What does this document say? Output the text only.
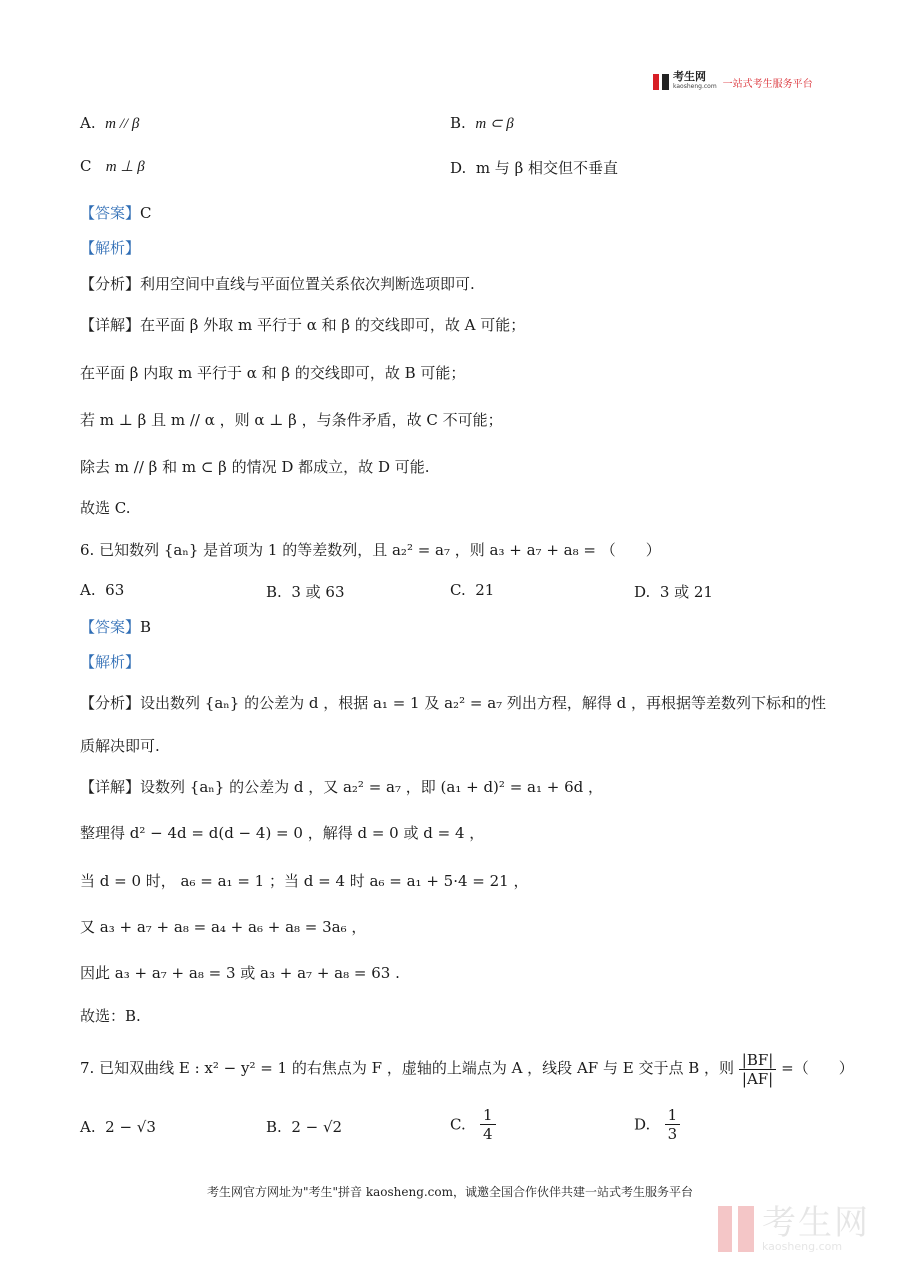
考生网
kaosheng.com 一站式考生服务平台
A. m // β	B. m ⊂ β
C m ⊥ β	D. m 与 β 相交但不垂直
【答案】C
【解析】
【分析】利用空间中直线与平面位置关系依次判断选项即可.
【详解】在平面 β 外取 m 平行于 α 和 β 的交线即可，故 A 可能；
在平面 β 内取 m 平行于 α 和 β 的交线即可，故 B 可能；
若 m ⊥ β 且 m // α ，则 α ⊥ β ，与条件矛盾，故 C 不可能；
除去 m // β 和 m ⊂ β 的情况 D 都成立，故 D 可能.
故选 C.
6. 已知数列 {aₙ} 是首项为 1 的等差数列，且 a₂² = a₇ ，则 a₃ + a₇ + a₈ = （　　）
A. 63	B. 3 或 63	C. 21	D. 3 或 21
【答案】B
【解析】
【分析】设出数列 {aₙ} 的公差为 d ，根据 a₁ = 1 及 a₂² = a₇ 列出方程，解得 d ，再根据等差数列下标和的性
质解决即可.
【详解】设数列 {aₙ} 的公差为 d ，又 a₂² = a₇ ，即 (a₁ + d)² = a₁ + 6d ，
整理得 d² − 4d = d(d − 4) = 0 ，解得 d = 0 或 d = 4 ，
当 d = 0 时， a₆ = a₁ = 1 ；当 d = 4 时 a₆ = a₁ + 5·4 = 21 ，
又 a₃ + a₇ + a₈ = a₄ + a₆ + a₈ = 3a₆ ，
因此 a₃ + a₇ + a₈ = 3 或 a₃ + a₇ + a₈ = 63 .
故选：B.
7. 已知双曲线 E : x² − y² = 1 的右焦点为 F ，虚轴的上端点为 A ，线段 AF 与 E 交于点 B ，则 $\frac{|BF|}{|AF|}$ =（　　）
A. 2 − √3	B. 2 − √2	C. $\frac{1}{4}$	D. $\frac{1}{3}$
考生网官方网址为"考生"拼音 kaosheng.com，诚邀全国合作伙伴共建一站式考生服务平台
考生网
kaosheng.com
